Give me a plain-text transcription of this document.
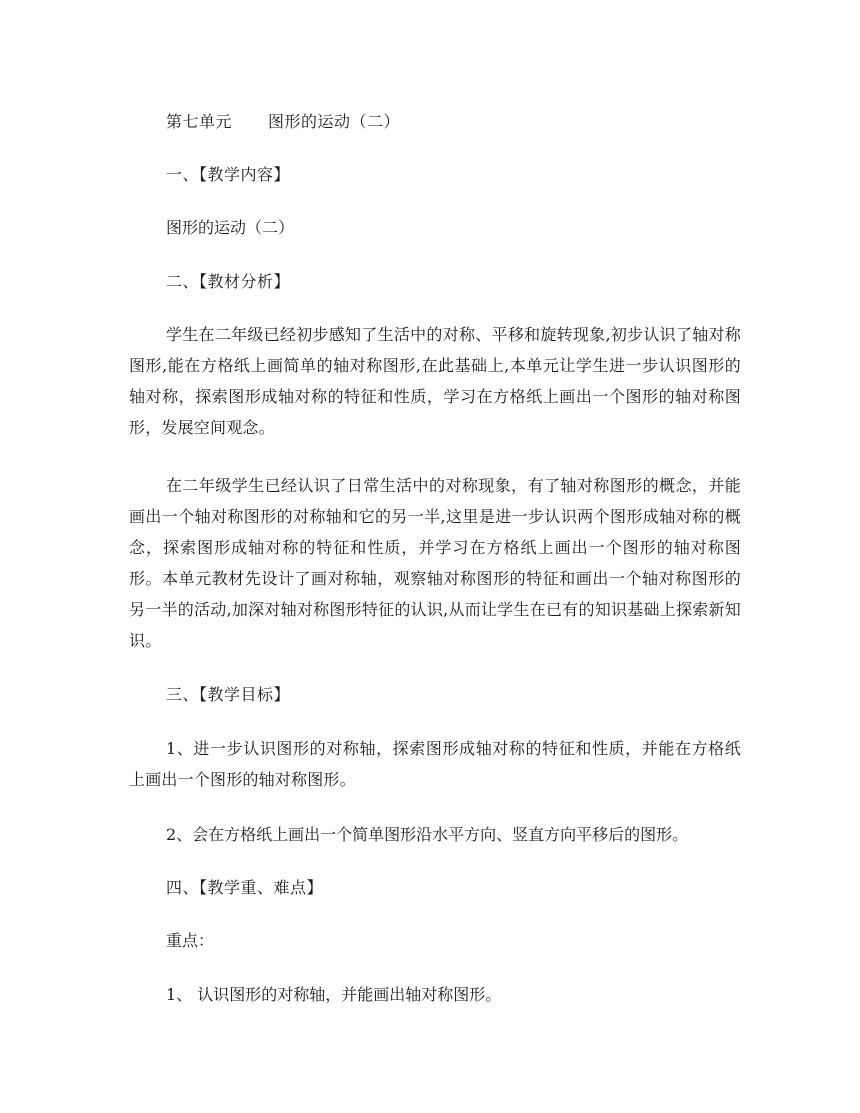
第七单元 图形的运动（二）

一、【教学内容】

图形的运动（二）

二、【教材分析】

学生在二年级已经初步感知了生活中的对称、平移和旋转现象,初步认识了轴对称图形,能在方格纸上画简单的轴对称图形,在此基础上,本单元让学生进一步认识图形的轴对称，探索图形成轴对称的特征和性质，学习在方格纸上画出一个图形的轴对称图形，发展空间观念。

在二年级学生已经认识了日常生活中的对称现象，有了轴对称图形的概念，并能画出一个轴对称图形的对称轴和它的另一半,这里是进一步认识两个图形成轴对称的概念，探索图形成轴对称的特征和性质，并学习在方格纸上画出一个图形的轴对称图形。本单元教材先设计了画对称轴，观察轴对称图形的特征和画出一个轴对称图形的另一半的活动,加深对轴对称图形特征的认识,从而让学生在已有的知识基础上探索新知识。

三、【教学目标】

1、进一步认识图形的对称轴，探索图形成轴对称的特征和性质，并能在方格纸上画出一个图形的轴对称图形。

2、会在方格纸上画出一个简单图形沿水平方向、竖直方向平移后的图形。

四、【教学重、难点】

重点：

1、 认识图形的对称轴，并能画出轴对称图形。
